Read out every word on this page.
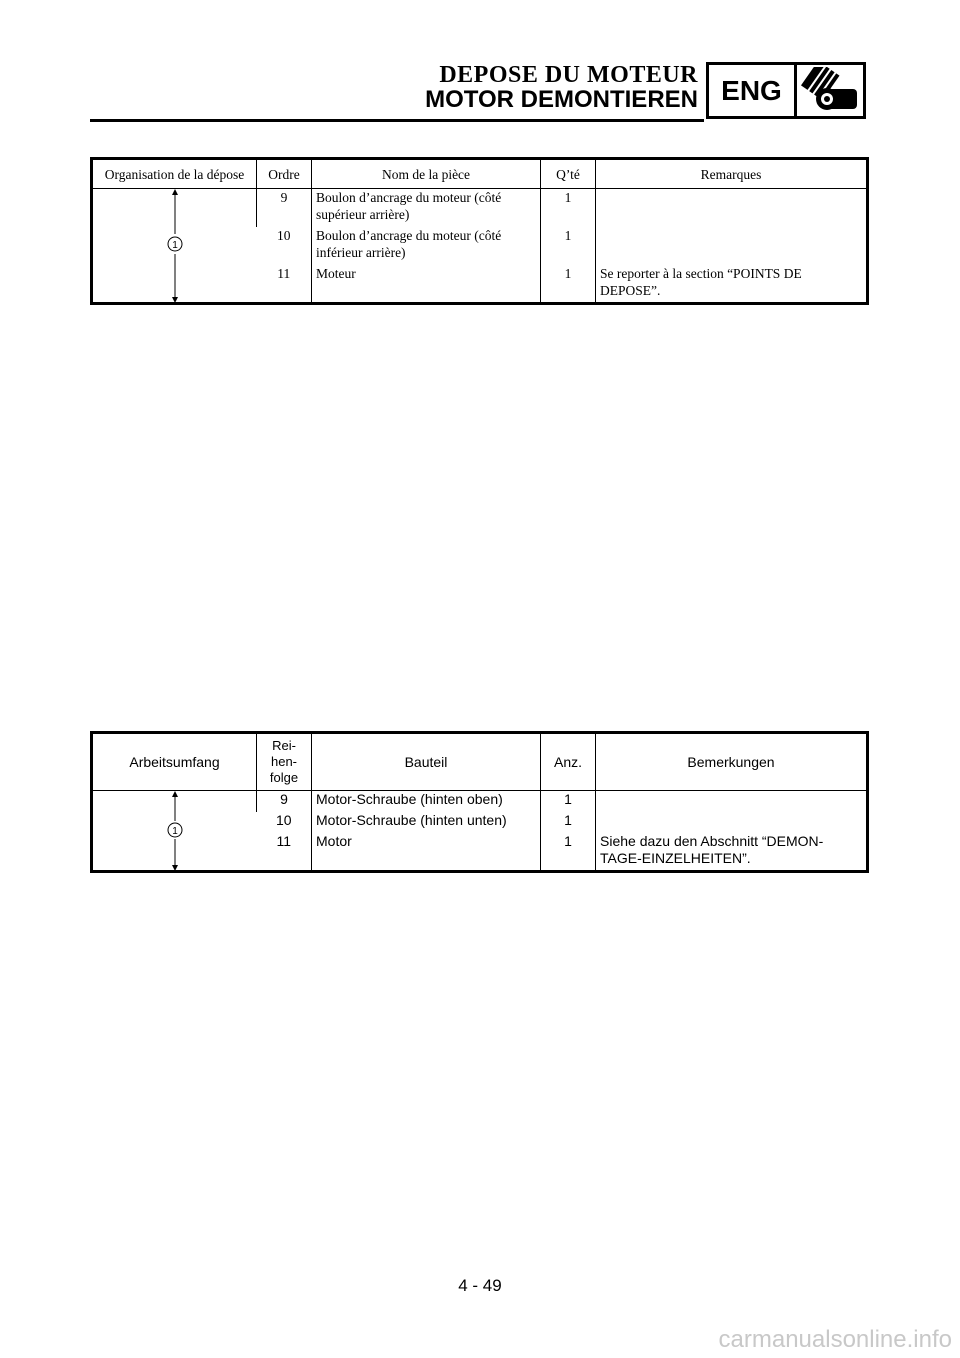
DEPOSE DU MOTEUR
MOTOR DEMONTIEREN ENG
Organisation de la dépose	Ordre	Nom de la pièce	Q’té	Remarques

1	9	Boulon d’ancrage du moteur (côté supérieur arrière)	1	
	10	Boulon d’ancrage du moteur (côté inférieur arrière)	1	
	11	Moteur	1	Se reporter à la section “POINTS DE DEPOSE”.
Arbeitsumfang	Rei-
hen-
folge	Bauteil	Anz.	Bemerkungen

1	9	Motor-Schraube (hinten oben)	1	
	10	Motor-Schraube (hinten unten)	1	
	11	Motor	1	Siehe dazu den Abschnitt “DEMON-TAGE-EINZELHEITEN”.
4 - 49
carmanualsonline.info
